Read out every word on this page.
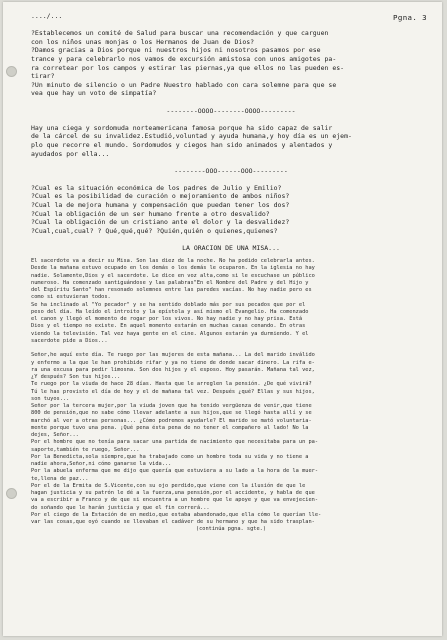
Pgna. 3
..../...

?Establecemos un comité de Salud para buscar una recomendación y que carguen
con los niños unas monjas o los Hermanos de Juan de Dios?
?Damos gracias a Dios porque ni nuestros hijos ni nosotros pasamos por ese
trance y para celebrarlo nos vamos de excursión amistosa con unos amigotes pa-
ra corretear por los campos y estirar las piernas,ya que ellos no las pueden es-
tirar?
?Un minuto de silencio o un Padre Nuestro hablado con cara solemne para que se
vea que hay un voto de simpatía?

--------OOOO--------OOOO---------

Hay una ciega y sordomuda norteamericana famosa porque ha sido capaz de salir
de la cárcel de su invalidez.Estudió,voluntad y ayuda humana,y hoy día es un ejem-
plo que recorre el mundo. Sordomudos y ciegos han sido animados y alentados y
ayudados por ella...

--------OOO------OOO---------

?Cual es la situación económica de los padres de Julio y Emilio?
?Cual es la posibilidad de curación o mejoramiento de ambos niños?
?Cual la de mejora humana y compensación que puedan tener los dos?
?Cual la obligación de un ser humano frente a otro desvalido?
?Cual la obligación de un cristiano ante el dolor y la desvalidez?
?Cual,cual,cual? ? Qué,qué,qué? ?Quién,quién o quienes,quienes?
LA ORACION DE UNA MISA...
El sacerdote va a decir su Misa. Son las diez de la noche. No ha podido celebrarla antes.
Desde la mañana estuvo ocupado en los demás o los demás le ocuparon. En la iglesia no hay
nadie. Solamente,Dios y el sacerdote. Le dice en voz alta,como si le escuchase un público
numeroso. Ha comenzado santiguándose y las palabras"En el Nombre del Padre y del Hijo y
del Espíritu Santo" han resonado solemnes entre las paredes vacías. No hay nadie pero es
como si estuvieran todos.
Se ha inclinado al "Yo pecador" y se ha sentido doblado más por sus pecados que por el
peso del día. Ha leído el introito y la epístola y así mismo el Evangelio. Ha comenzado
el canon y llegó el momento de rogar por los vivos. No hay nadie y no hay prisa. Está
Dios y el tiempo no existe. En aquel momento estarán en muchas casas cenando. En otras
viendo la televisión. Tal vez haya gente en el cine. Algunos estarán ya durmiendo. Y el
sacerdote pide a Dios...

Señor,he aquí este día. Te ruego por las mujeres de esta mañana... La del marido inválido
y enfermo a la que le han prohibido rifar y ya no tiene de donde sacar dinero. La rifa e-
ra una excusa para pedir limosna. Son dos hijos y el esposo. Hoy pasarán. Mañana tal vez,
¿Y después? Son tus hijos...
Te ruego por la viuda de hace 28 días. Hasta que le arreglen la pensión. ¿De qué vivirá?
Tú le has provisto el día de hoy y el de mañana tal vez. Después ¿qué? Ellas y sus hijos,
son tuyos...
Señor por la tercera mujer,por la viuda joven que ha tenido vergüenza de venir,que tiene
800 de pensión,que no sabe cómo llevar adelante a sus hijos,que se llegó hasta allí y se
marchó al ver a otras personas... ¿Cómo podremos ayudarle? El marido se mató voluntaria-
mente porque tuvo una pena. ¡Qué pena ésta pena de no tener el compañero al lado! No la
dejes, Señor...
Por el hombre que no tenía para sacar una partida de nacimiento que necesitaba para un pa-
saporte,también te ruego, Señor...
Por la Benedicta,sola siempre,que ha trabajado como un hombre toda su vida y no tiene a
nadie ahora,Señor,ni cómo ganarse la vida...
Por la abuela enferma que me dijo que quería que estuviera a su lado a la hora de la muer-
te,llena de paz...
Por el de la Ermita de S.Vicente,con su ojo perdido,que viene con la ilusión de que le
hagan justicia y su patrón le dé a la fuerza,una pensión,por el accidente, y habla de que
va a escribir a Franco y de que si encuentra a un hombre que le apoye y que va envejecien-
do soñando que le harán justicia y que el fin correrá...
Por el ciego de la Estación de en medio,que estaba abandonado,que ella cómo le querían lle-
var las cosas,que oyó cuando se llevaban el cadáver de su hermano y que ha sido trasplan-
(continúa pgna. sgte.)
